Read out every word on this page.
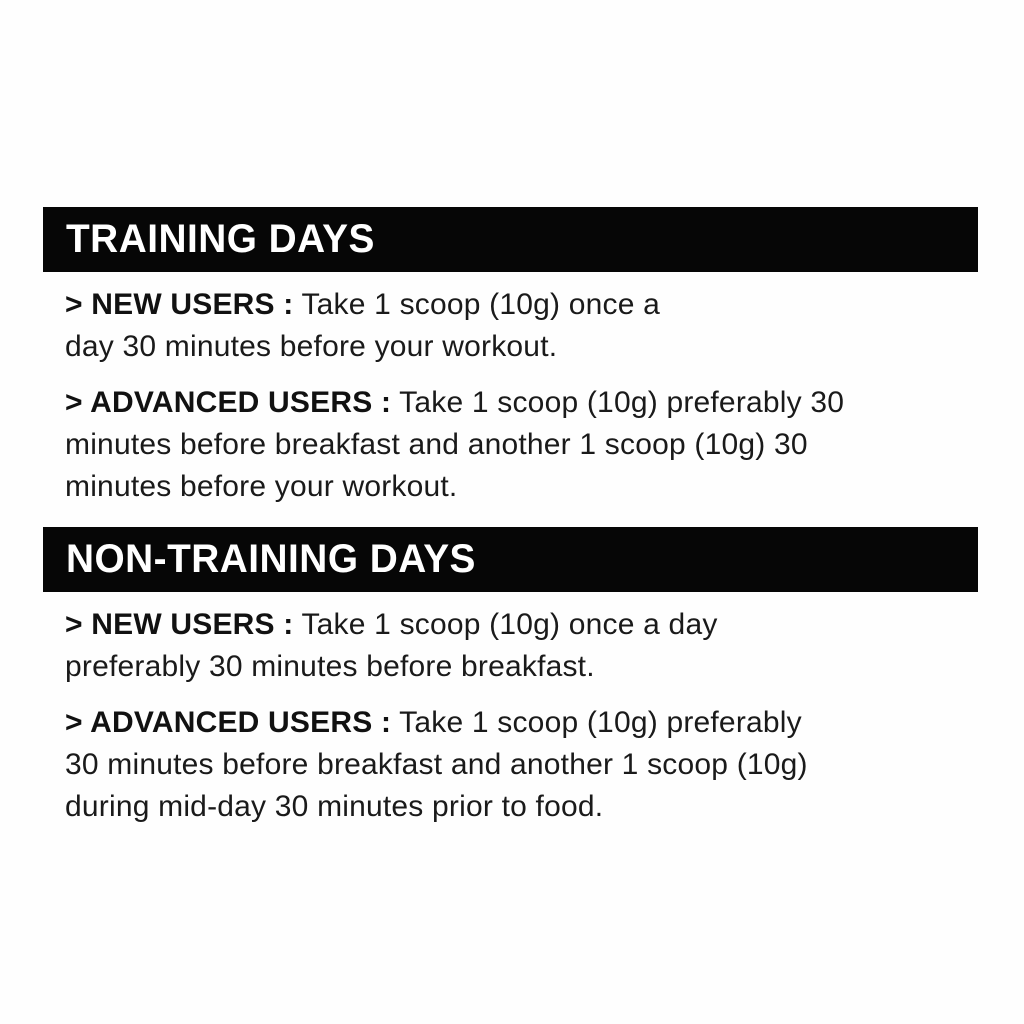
TRAINING DAYS

> NEW USERS : Take 1 scoop (10g) once a
day 30 minutes before your workout.

> ADVANCED USERS : Take 1 scoop (10g) preferably 30
minutes before breakfast and another 1 scoop (10g) 30
minutes before your workout.

NON-TRAINING DAYS

> NEW USERS : Take 1 scoop (10g) once a day
preferably 30 minutes before breakfast.

> ADVANCED USERS : Take 1 scoop (10g) preferably
30 minutes before breakfast and another 1 scoop (10g)
during mid-day 30 minutes prior to food.
